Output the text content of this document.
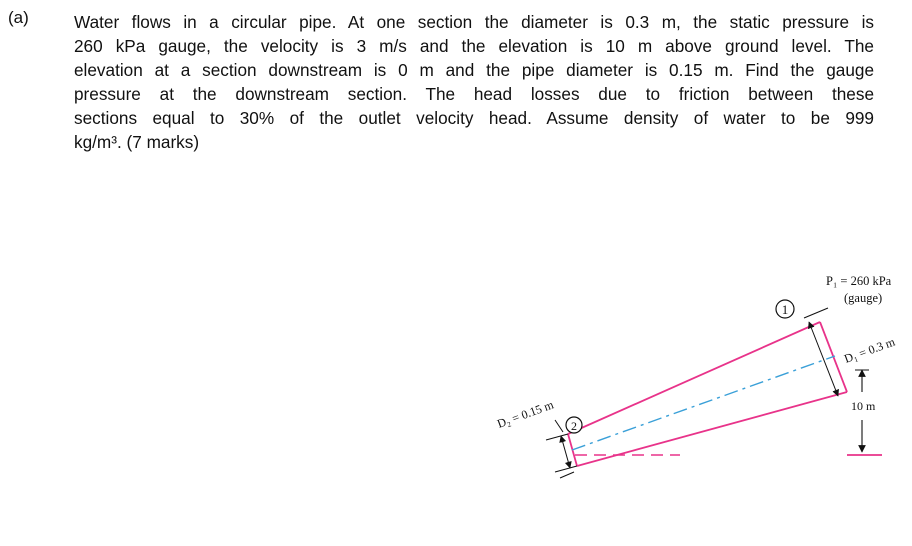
(a)	Water flows in a circular pipe. At one section the diameter is 0.3 m, the static pressure is
260 kPa gauge, the velocity is 3 m/s and the elevation is 10 m above ground level. The
elevation at a section downstream is 0 m and the pipe diameter is 0.15 m. Find the gauge
pressure at the downstream section. The head losses due to friction between these
sections equal to 30% of the outlet velocity head. Assume density of water to be 999
kg/m³. (7 marks)
1
2
P₁ = 260 kPa
(gauge)
D₁ = 0.3 m
10 m
D₂ = 0.15 m
